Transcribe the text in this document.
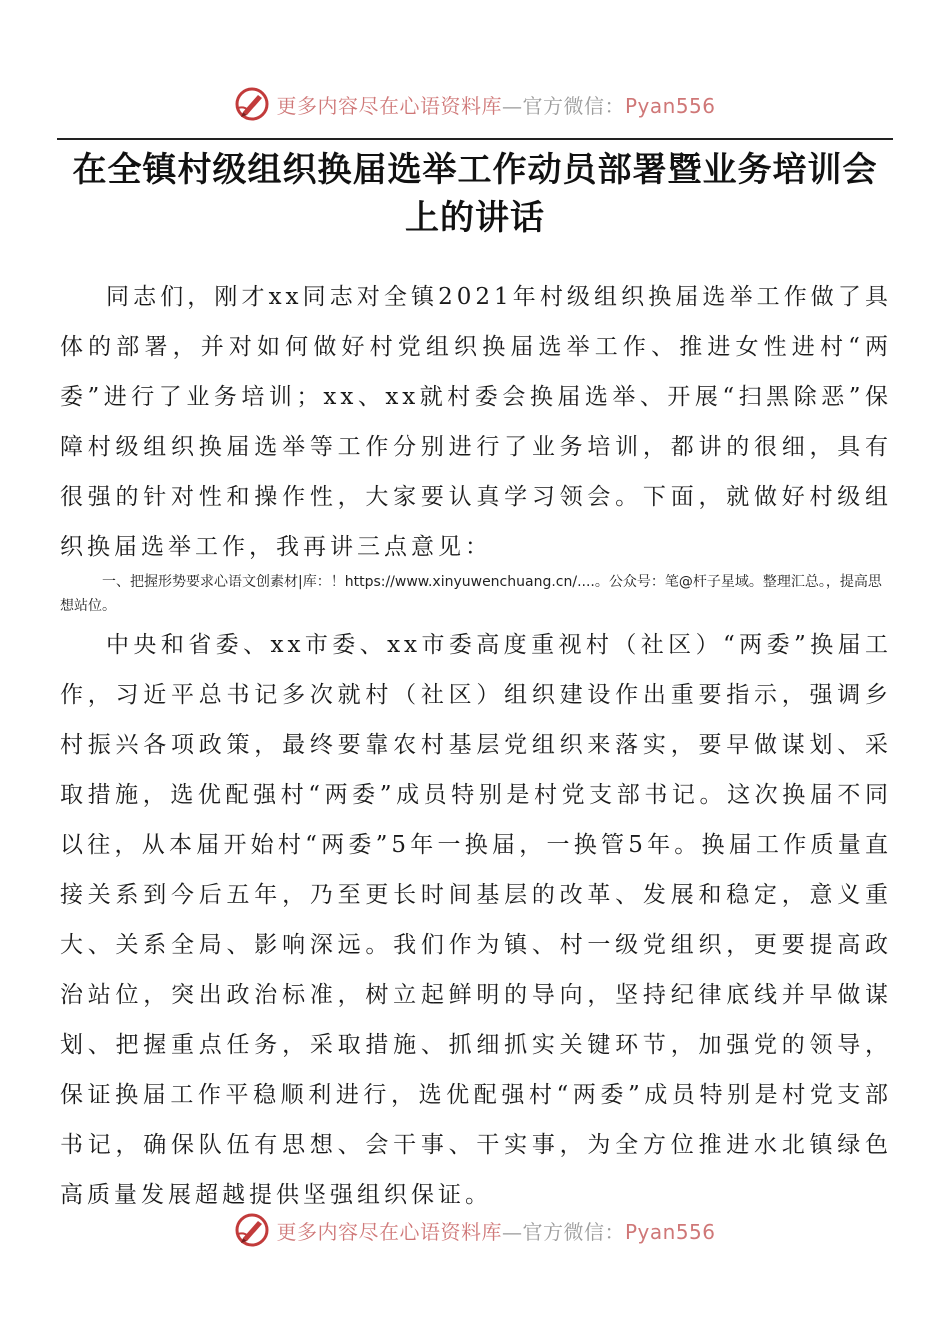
更多内容尽在心语资料库—官方微信：Pyan556
在全镇村级组织换届选举工作动员部署暨业务培训会上的讲话

同志们，刚才xx同志对全镇2021年村级组织换届选举工作做了具体的部署，并对如何做好村党组织换届选举工作、推进女性进村“两委”进行了业务培训；xx、xx就村委会换届选举、开展“扫黑除恶”保障村级组织换届选举等工作分别进行了业务培训，都讲的很细，具有很强的针对性和操作性，大家要认真学习领会。下面，就做好村级组织换届选举工作，我再讲三点意见：

一、把握形势要求心语文创素材|库：！https://www.xinyuwenchuang.cn/....。公众号：笔@杆子星域。整理汇总。，提高思想站位。

中央和省委、xx市委、xx市委高度重视村（社区）“两委”换届工作，习近平总书记多次就村（社区）组织建设作出重要指示，强调乡村振兴各项政策，最终要靠农村基层党组织来落实，要早做谋划、采取措施，选优配强村“两委”成员特别是村党支部书记。这次换届不同以往，从本届开始村“两委”5年一换届，一换管5年。换届工作质量直接关系到今后五年，乃至更长时间基层的改革、发展和稳定，意义重大、关系全局、影响深远。我们作为镇、村一级党组织，更要提高政治站位，突出政治标准，树立起鲜明的导向，坚持纪律底线并早做谋划、把握重点任务，采取措施、抓细抓实关键环节，加强党的领导，保证换届工作平稳顺利进行，选优配强村“两委”成员特别是村党支部书记，确保队伍有思想、会干事、干实事，为全方位推进水北镇绿色高质量发展超越提供坚强组织保证。

更多内容尽在心语资料库—官方微信：Pyan556
